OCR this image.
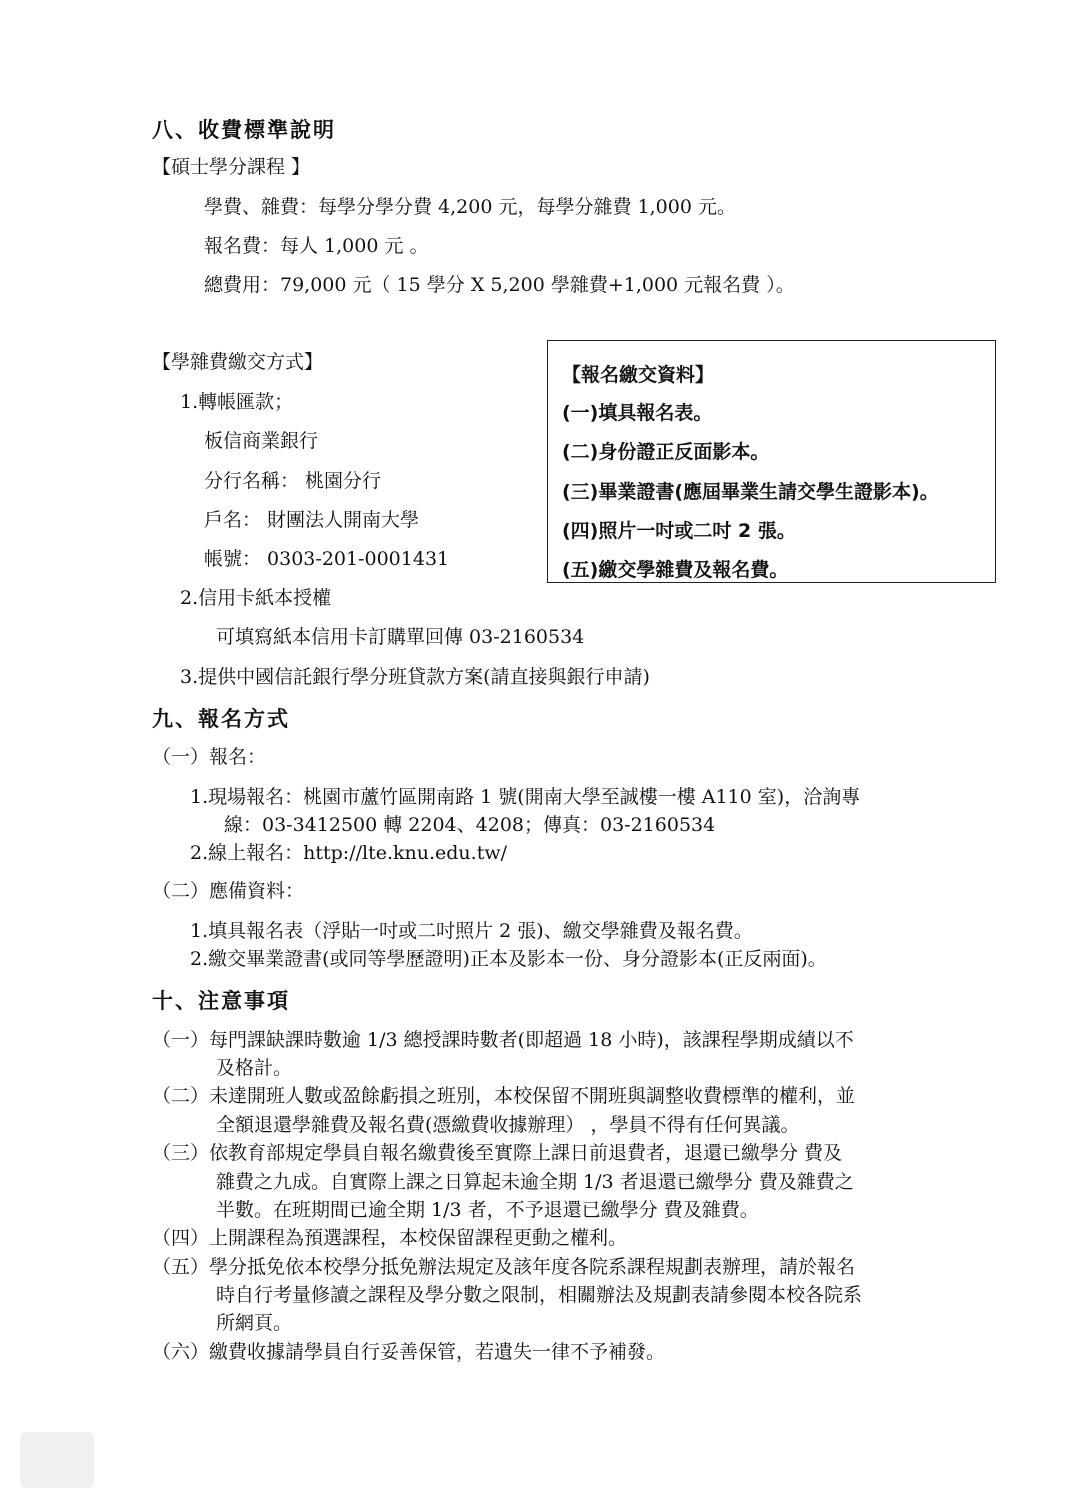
八、收費標準說明
【碩士學分課程 】
學費、雜費：每學分學分費 4,200 元，每學分雜費 1,000 元。
報名費：每人 1,000 元 。
總費用：79,000 元（ 15 學分 X 5,200 學雜費+1,000 元報名費 ）。
【學雜費繳交方式】
1.轉帳匯款；
板信商業銀行
分行名稱： 桃園分行
戶名： 財團法人開南大學
帳號： 0303-201-0001431
2.信用卡紙本授權
可填寫紙本信用卡訂購單回傳 03-2160534
3.提供中國信託銀行學分班貸款方案(請直接與銀行申請)
【報名繳交資料】
(一)填具報名表。
(二)身份證正反面影本。
(三)畢業證書(應屆畢業生請交學生證影本)。
(四)照片一吋或二吋 2 張。
(五)繳交學雜費及報名費。
九、報名方式
（一）報名：
1.現場報名：桃園市蘆竹區開南路 1 號(開南大學至誠樓一樓 A110 室)，洽詢專
線：03-3412500 轉 2204、4208；傳真：03-2160534
2.線上報名：http://lte.knu.edu.tw/
（二）應備資料：
1.填具報名表（浮貼一吋或二吋照片 2 張)、繳交學雜費及報名費。
2.繳交畢業證書(或同等學歷證明)正本及影本一份、身分證影本(正反兩面)。
十、注意事項
（一）每門課缺課時數逾 1/3 總授課時數者(即超過 18 小時)，該課程學期成績以不
及格計。
（二）未達開班人數或盈餘虧損之班別，本校保留不開班與調整收費標準的權利，並
全額退還學雜費及報名費(憑繳費收據辦理） ，學員不得有任何異議。
（三）依教育部規定學員自報名繳費後至實際上課日前退費者，退還已繳學分 費及
雜費之九成。自實際上課之日算起未逾全期 1/3 者退還已繳學分 費及雜費之
半數。在班期間已逾全期 1/3 者，不予退還已繳學分 費及雜費。
（四）上開課程為預選課程，本校保留課程更動之權利。
（五）學分抵免依本校學分抵免辦法規定及該年度各院系課程規劃表辦理，請於報名
時自行考量修讀之課程及學分數之限制，相關辦法及規劃表請參閱本校各院系
所網頁。
（六）繳費收據請學員自行妥善保管，若遺失一律不予補發。
